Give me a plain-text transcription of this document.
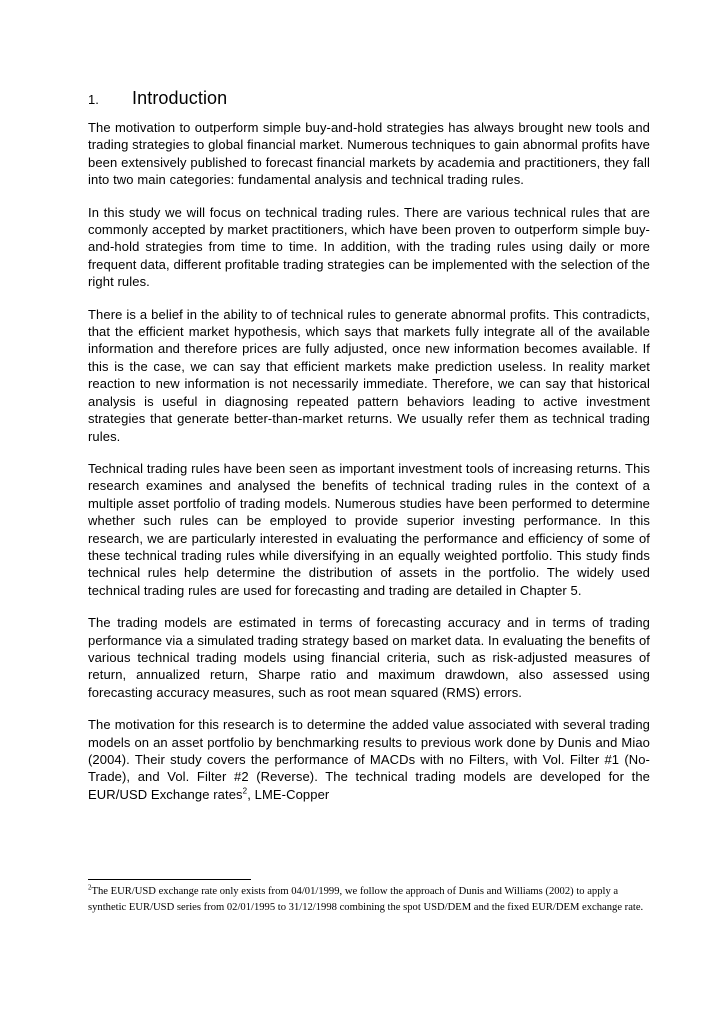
1.	Introduction

The motivation to outperform simple buy-and-hold strategies has always brought new tools and trading strategies to global financial market. Numerous techniques to gain abnormal profits have been extensively published to forecast financial markets by academia and practitioners, they fall into two main categories: fundamental analysis and technical trading rules.

In this study we will focus on technical trading rules. There are various technical rules that are commonly accepted by market practitioners, which have been proven to outperform simple buy-and-hold strategies from time to time. In addition, with the trading rules using daily or more frequent data, different profitable trading strategies can be implemented with the selection of the right rules.

There is a belief in the ability to of technical rules to generate abnormal profits. This contradicts, that the efficient market hypothesis, which says that markets fully integrate all of the available information and therefore prices are fully adjusted, once new information becomes available. If this is the case, we can say that efficient markets make prediction useless. In reality market reaction to new information is not necessarily immediate. Therefore, we can say that historical analysis is useful in diagnosing repeated pattern behaviors leading to active investment strategies that generate better-than-market returns. We usually refer them as technical trading rules.

Technical trading rules have been seen as important investment tools of increasing returns. This research examines and analysed the benefits of technical trading rules in the context of a multiple asset portfolio of trading models. Numerous studies have been performed to determine whether such rules can be employed to provide superior investing performance. In this research, we are particularly interested in evaluating the performance and efficiency of some of these technical trading rules while diversifying in an equally weighted portfolio. This study finds technical rules help determine the distribution of assets in the portfolio. The widely used technical trading rules are used for forecasting and trading are detailed in Chapter 5.

The trading models are estimated in terms of forecasting accuracy and in terms of trading performance via a simulated trading strategy based on market data. In evaluating the benefits of various technical trading models using financial criteria, such as risk-adjusted measures of return, annualized return, Sharpe ratio and maximum drawdown, also assessed using forecasting accuracy measures, such as root mean squared (RMS) errors.

The motivation for this research is to determine the added value associated with several trading models on an asset portfolio by benchmarking results to previous work done by Dunis and Miao (2004). Their study covers the performance of MACDs with no Filters, with Vol. Filter #1 (No-Trade), and Vol. Filter #2 (Reverse). The technical trading models are developed for the EUR/USD Exchange rates$^2$, LME-Copper

$^2$The EUR/USD exchange rate only exists from 04/01/1999, we follow the approach of Dunis and Williams (2002) to apply a synthetic EUR/USD series from 02/01/1995 to 31/12/1998 combining the spot USD/DEM and the fixed EUR/DEM exchange rate.
